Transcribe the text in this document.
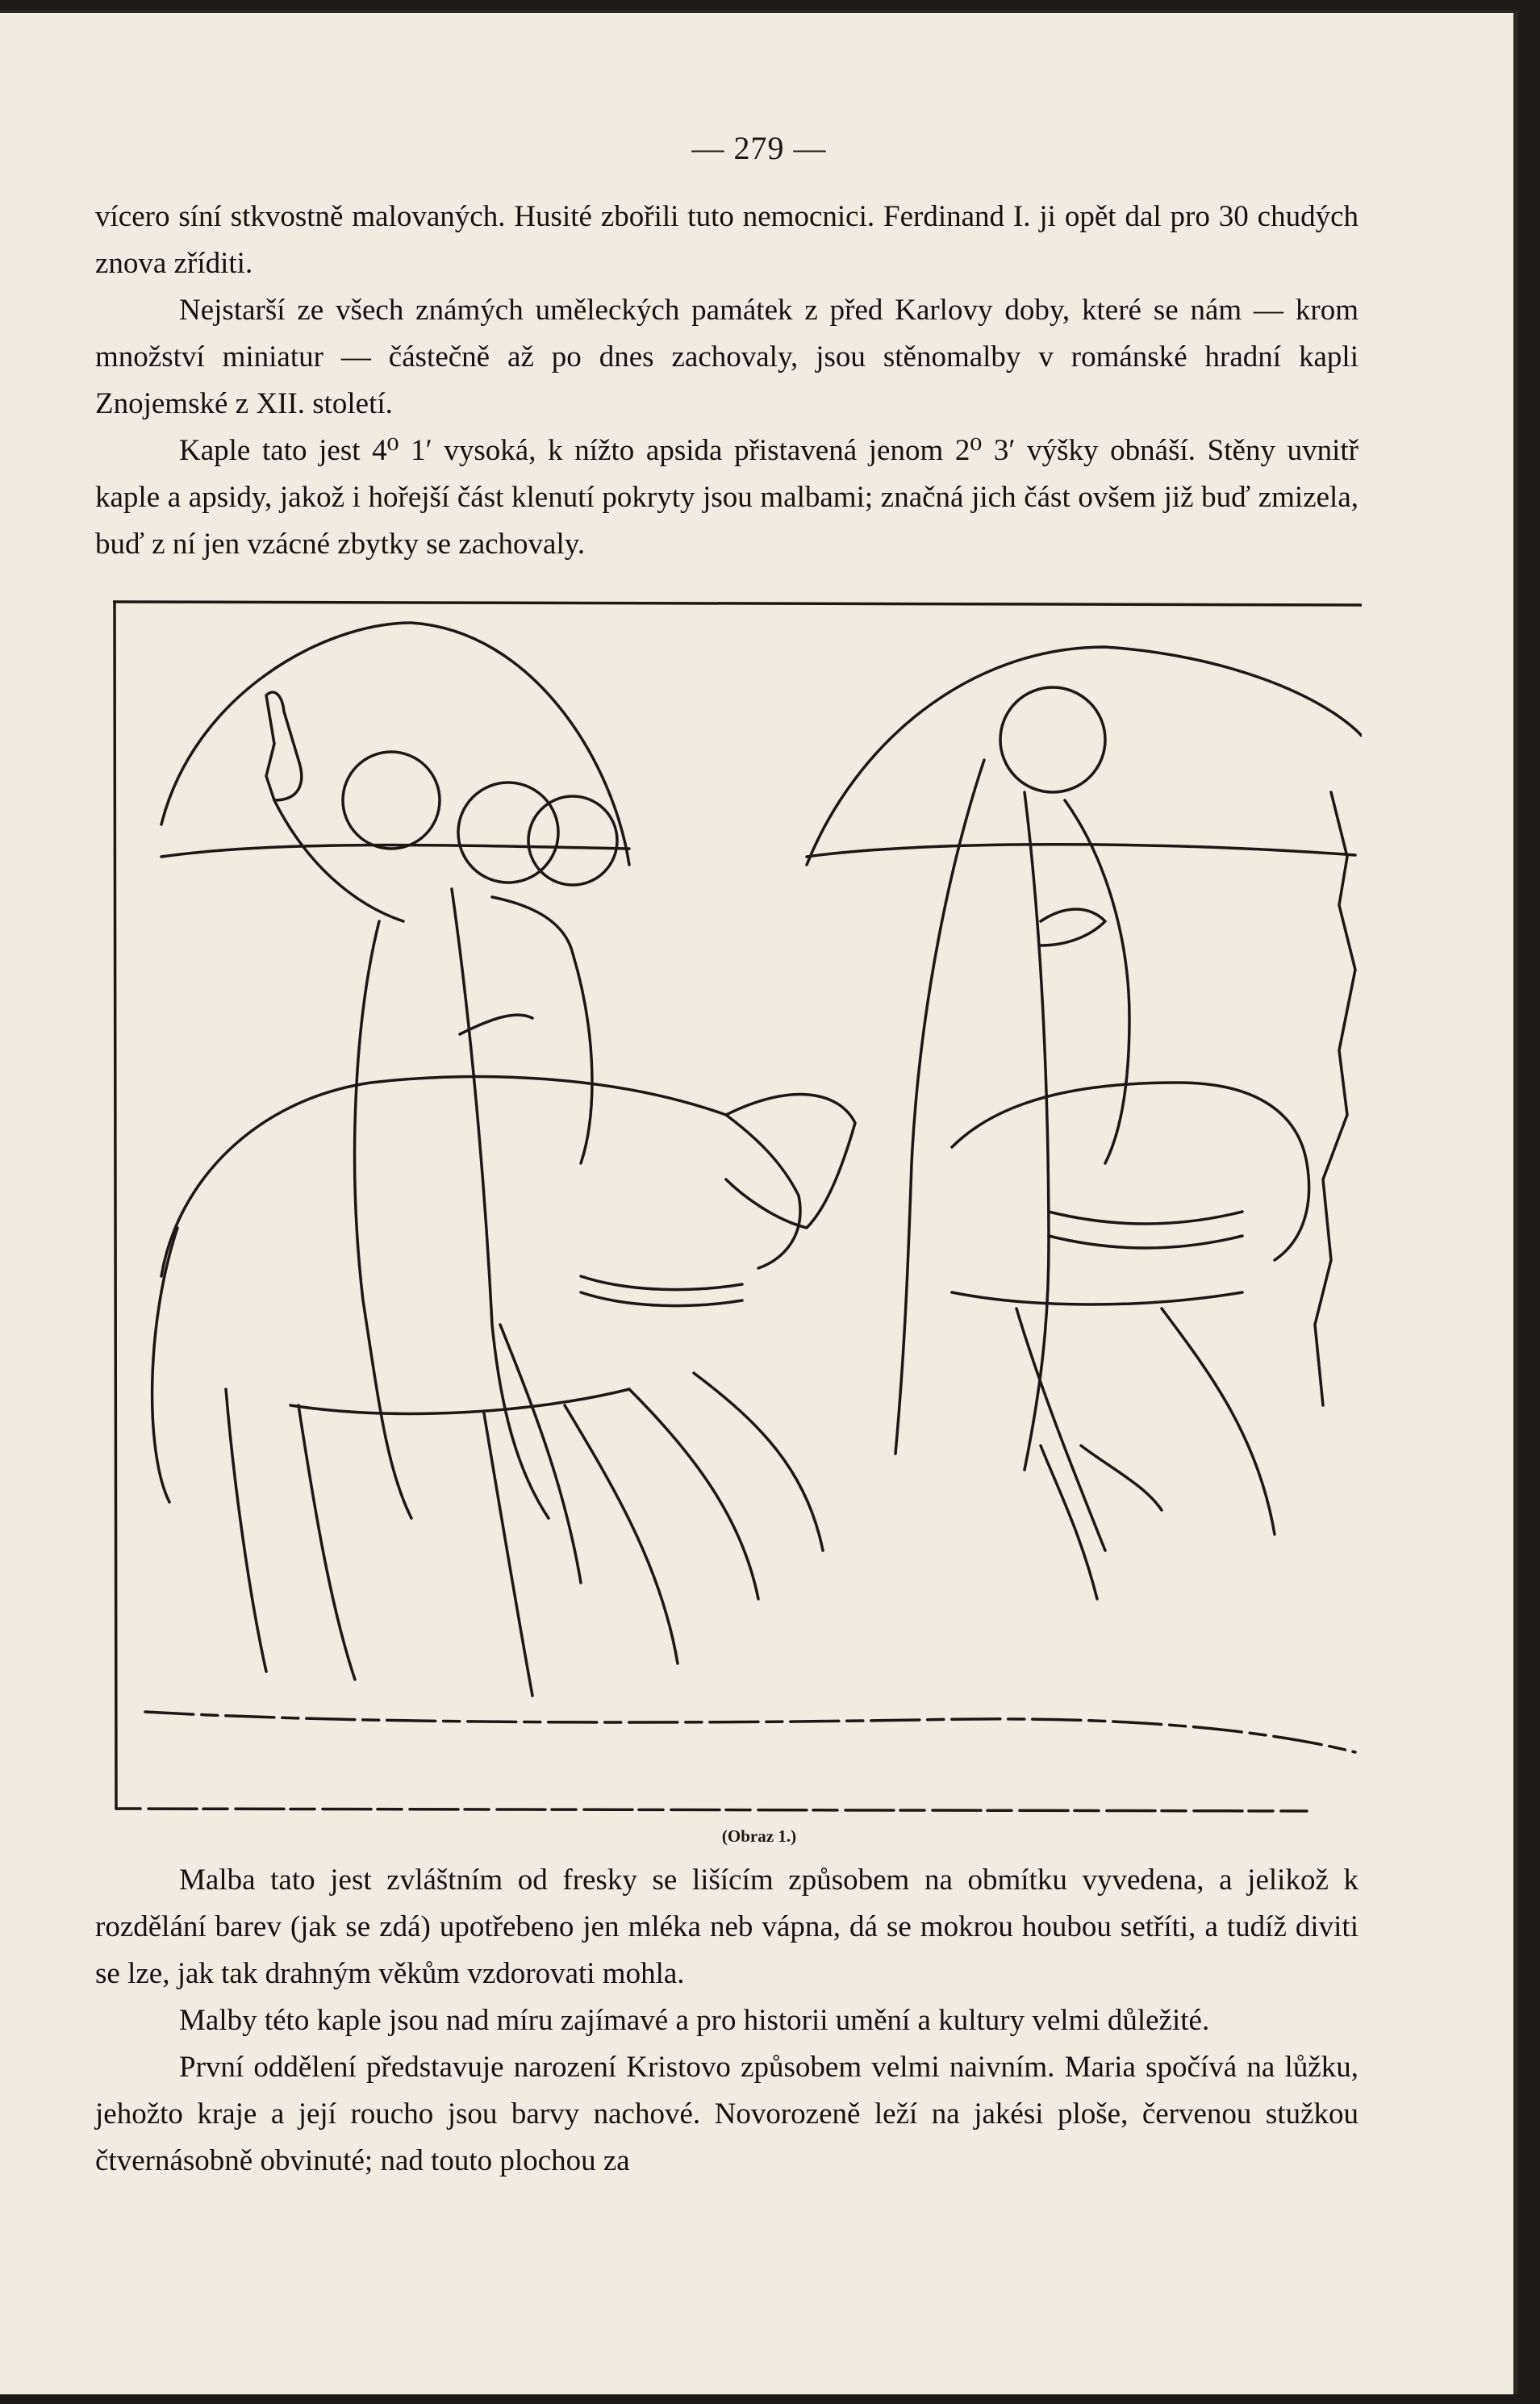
— 279 —

vícero síní stkvostně malovaných. Husité zbořili tuto nemocnici. Ferdinand I. ji opět dal pro 30 chudých znova zříditi.

Nejstarší ze všech známých uměleckých památek z před Karlovy doby, které se nám — krom množství miniatur — částečně až po dnes zachovaly, jsou stěnomalby v románské hradní kapli Znojemské z XII. století.

Kaple tato jest 4⁰ 1′ vysoká, k nížto apsida přistavená jenom 2⁰ 3′ výšky obnáší. Stěny uvnitř kaple a apsidy, jakož i hořejší část klenutí pokryty jsou malbami; značná jich část ovšem již buď zmizela, buď z ní jen vzácné zbytky se zachovaly.

(Obraz 1.)

Malba tato jest zvláštním od fresky se lišícím způsobem na obmítku vyvedena, a jelikož k rozdělání barev (jak se zdá) upotřebeno jen mléka neb vápna, dá se mokrou houbou setříti, a tudíž diviti se lze, jak tak drahným věkům vzdorovati mohla.

Malby této kaple jsou nad míru zajímavé a pro historii umění a kultury velmi důležité.

První oddělení představuje narození Kristovo způsobem velmi naivním. Maria spočívá na lůžku, jehožto kraje a její roucho jsou barvy nachové. Novorozeně leží na jakési ploše, červenou stužkou čtvernásobně obvinuté; nad touto plochou za
